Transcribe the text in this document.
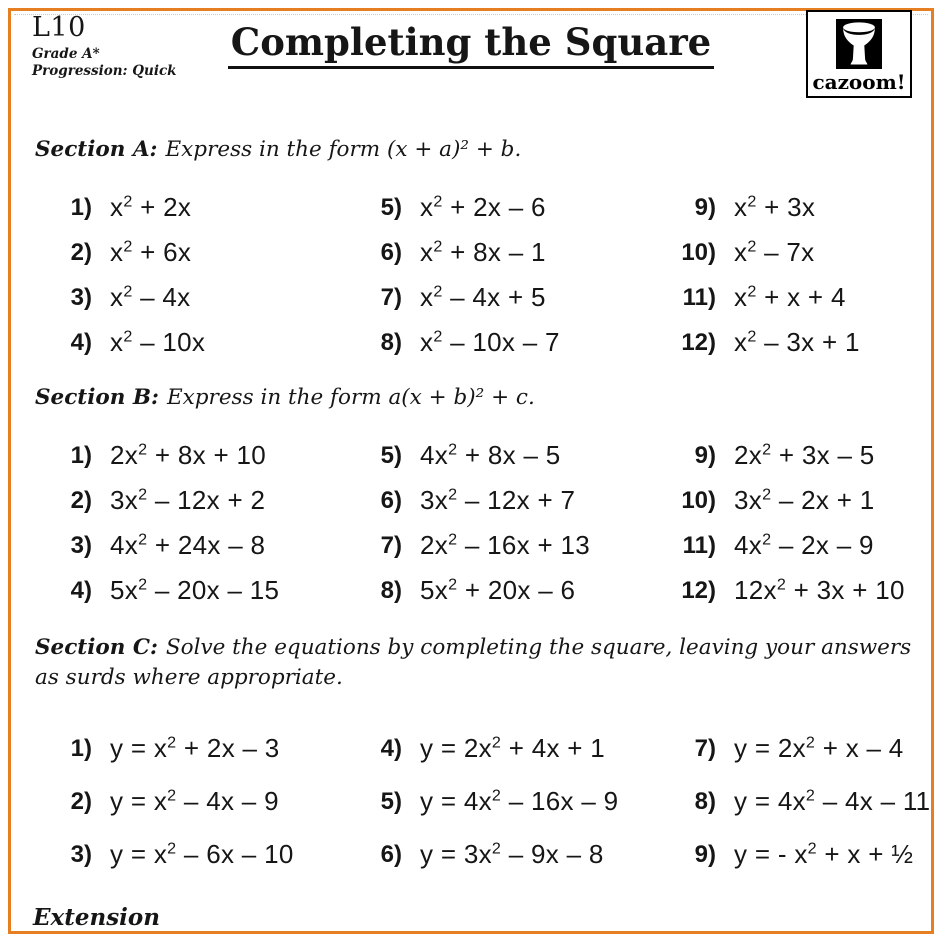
L10
Grade A*
Progression: Quick
Completing the Square
cazoom!
Section A: Express in the form (x + a)² + b.
1) $x^2 + 2x$
2) $x^2 + 6x$
3) $x^2 - 4x$
4) $x^2 - 10x$
5) $x^2 + 2x - 6$
6) $x^2 + 8x - 1$
7) $x^2 - 4x + 5$
8) $x^2 - 10x - 7$
9) $x^2 + 3x$
10) $x^2 - 7x$
11) $x^2 + x + 4$
12) $x^2 - 3x + 1$
Section B: Express in the form a(x + b)² + c.
1) $2x^2 + 8x + 10$
2) $3x^2 - 12x + 2$
3) $4x^2 + 24x - 8$
4) $5x^2 - 20x - 15$
5) $4x^2 + 8x - 5$
6) $3x^2 - 12x + 7$
7) $2x^2 - 16x + 13$
8) $5x^2 + 20x - 6$
9) $2x^2 + 3x - 5$
10) $3x^2 - 2x + 1$
11) $4x^2 - 2x - 9$
12) $12x^2 + 3x + 10$
Section C: Solve the equations by completing the square, leaving your answers as surds where appropriate.
1) $y = x^2 + 2x - 3$
2) $y = x^2 - 4x - 9$
3) $y = x^2 - 6x - 10$
4) $y = 2x^2 + 4x + 1$
5) $y = 4x^2 - 16x - 9$
6) $y = 3x^2 - 9x - 8$
7) $y = 2x^2 + x - 4$
8) $y = 4x^2 - 4x - 11$
9) y = - $x^2 + x$ + ½
Extension
